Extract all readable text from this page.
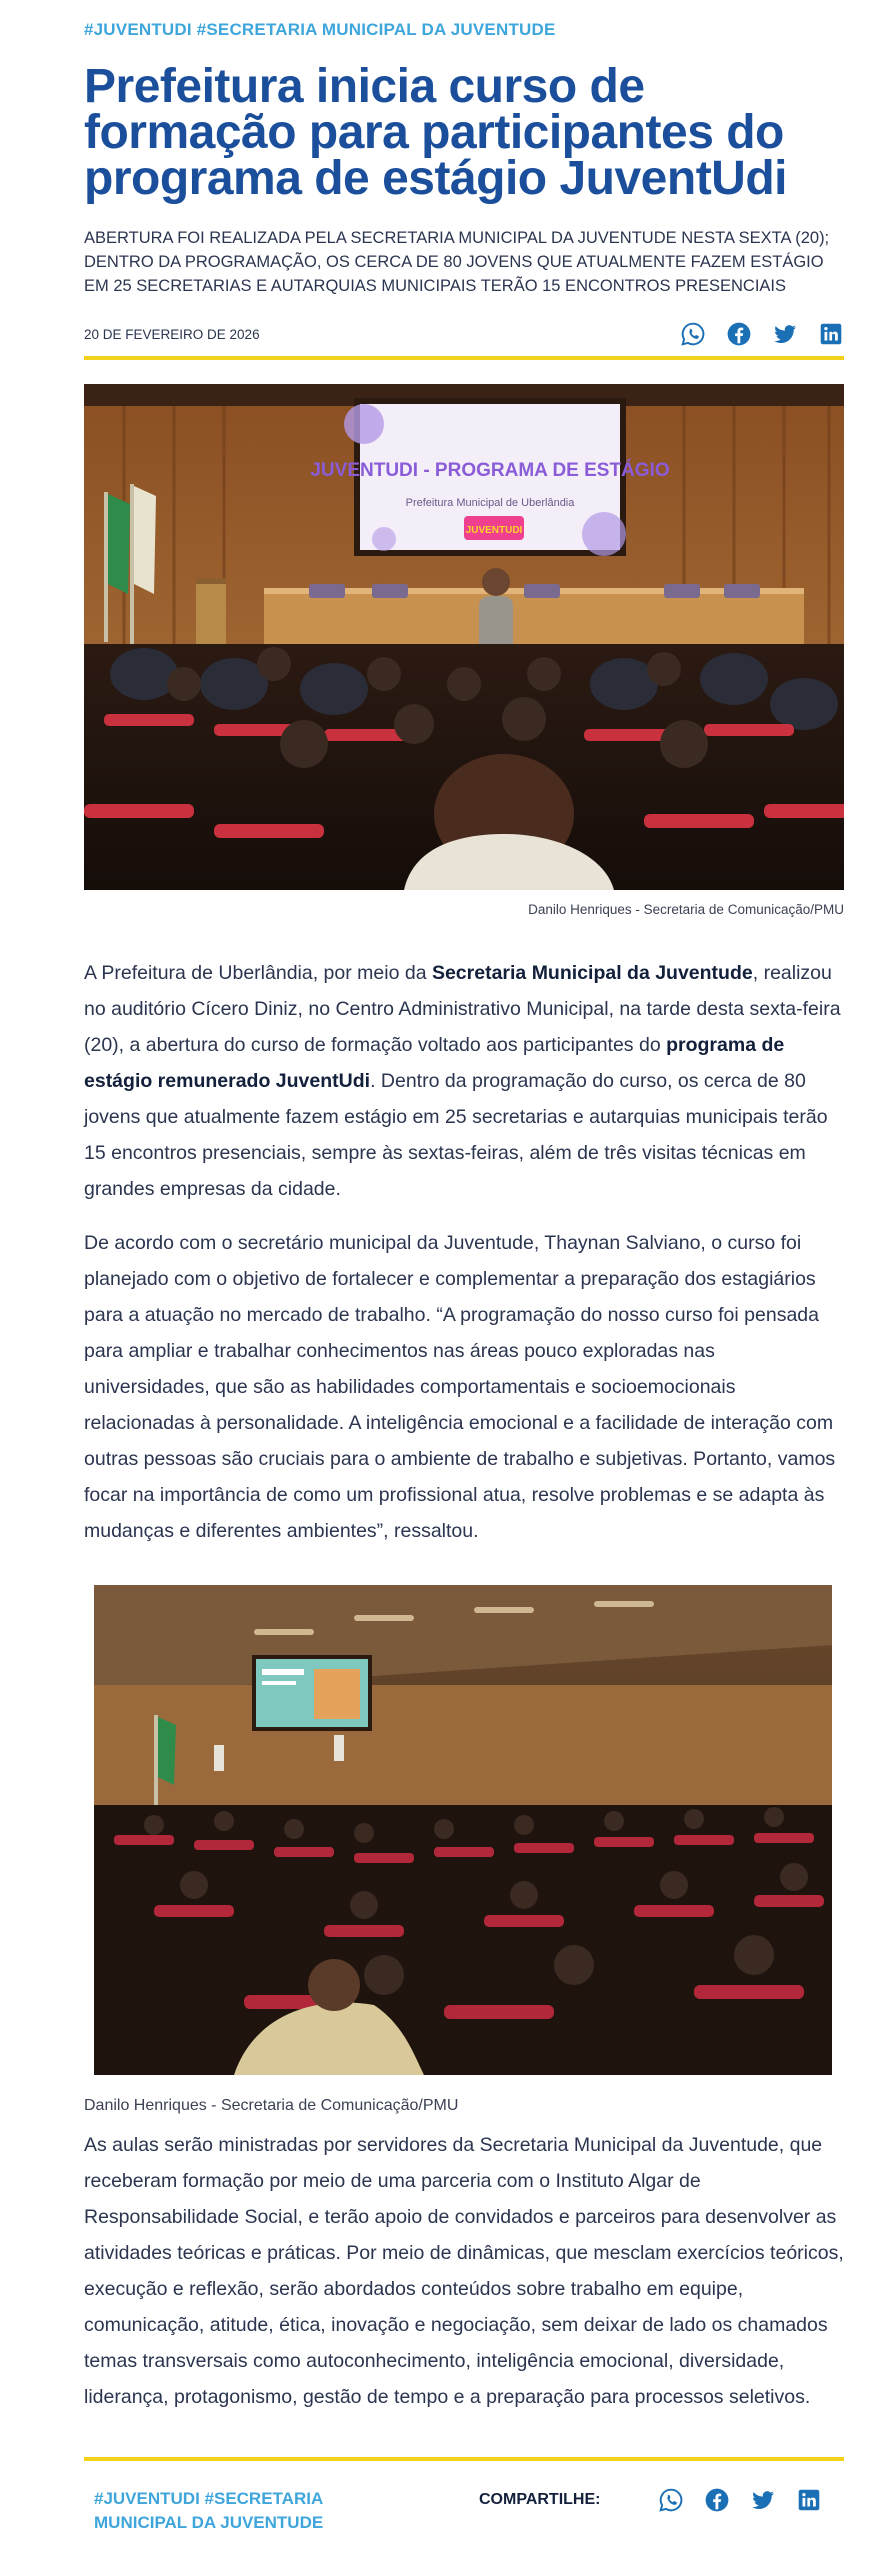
#JUVENTUDI #SECRETARIA MUNICIPAL DA JUVENTUDE
Prefeitura inicia curso de formação para participantes do programa de estágio JuventUdi

ABERTURA FOI REALIZADA PELA SECRETARIA MUNICIPAL DA JUVENTUDE NESTA SEXTA (20); DENTRO DA PROGRAMAÇÃO, OS CERCA DE 80 JOVENS QUE ATUALMENTE FAZEM ESTÁGIO EM 25 SECRETARIAS E AUTARQUIAS MUNICIPAIS TERÃO 15 ENCONTROS PRESENCIAIS

20 DE FEVEREIRO DE 2026
JUVENTUDI - PROGRAMA DE ESTÁGIO
Prefeitura Municipal de Uberlândia
JUVENTUDI
Danilo Henriques - Secretaria de Comunicação/PMU

A Prefeitura de Uberlândia, por meio da Secretaria Municipal da Juventude, realizou no auditório Cícero Diniz, no Centro Administrativo Municipal, na tarde desta sexta-feira (20), a abertura do curso de formação voltado aos participantes do programa de estágio remunerado JuventUdi. Dentro da programação do curso, os cerca de 80 jovens que atualmente fazem estágio em 25 secretarias e autarquias municipais terão 15 encontros presenciais, sempre às sextas-feiras, além de três visitas técnicas em grandes empresas da cidade.

De acordo com o secretário municipal da Juventude, Thaynan Salviano, o curso foi planejado com o objetivo de fortalecer e complementar a preparação dos estagiários para a atuação no mercado de trabalho. “A programação do nosso curso foi pensada para ampliar e trabalhar conhecimentos nas áreas pouco exploradas nas universidades, que são as habilidades comportamentais e socioemocionais relacionadas à personalidade. A inteligência emocional e a facilidade de interação com outras pessoas são cruciais para o ambiente de trabalho e subjetivas. Portanto, vamos focar na importância de como um profissional atua, resolve problemas e se adapta às mudanças e diferentes ambientes”, ressaltou.

Danilo Henriques - Secretaria de Comunicação/PMU

As aulas serão ministradas por servidores da Secretaria Municipal da Juventude, que receberam formação por meio de uma parceria com o Instituto Algar de Responsabilidade Social, e terão apoio de convidados e parceiros para desenvolver as atividades teóricas e práticas. Por meio de dinâmicas, que mesclam exercícios teóricos, execução e reflexão, serão abordados conteúdos sobre trabalho em equipe, comunicação, atitude, ética, inovação e negociação, sem deixar de lado os chamados temas transversais como autoconhecimento, inteligência emocional, diversidade, liderança, protagonismo, gestão de tempo e a preparação para processos seletivos.

#JUVENTUDI #SECRETARIA MUNICIPAL DA JUVENTUDE
COMPARTILHE:
